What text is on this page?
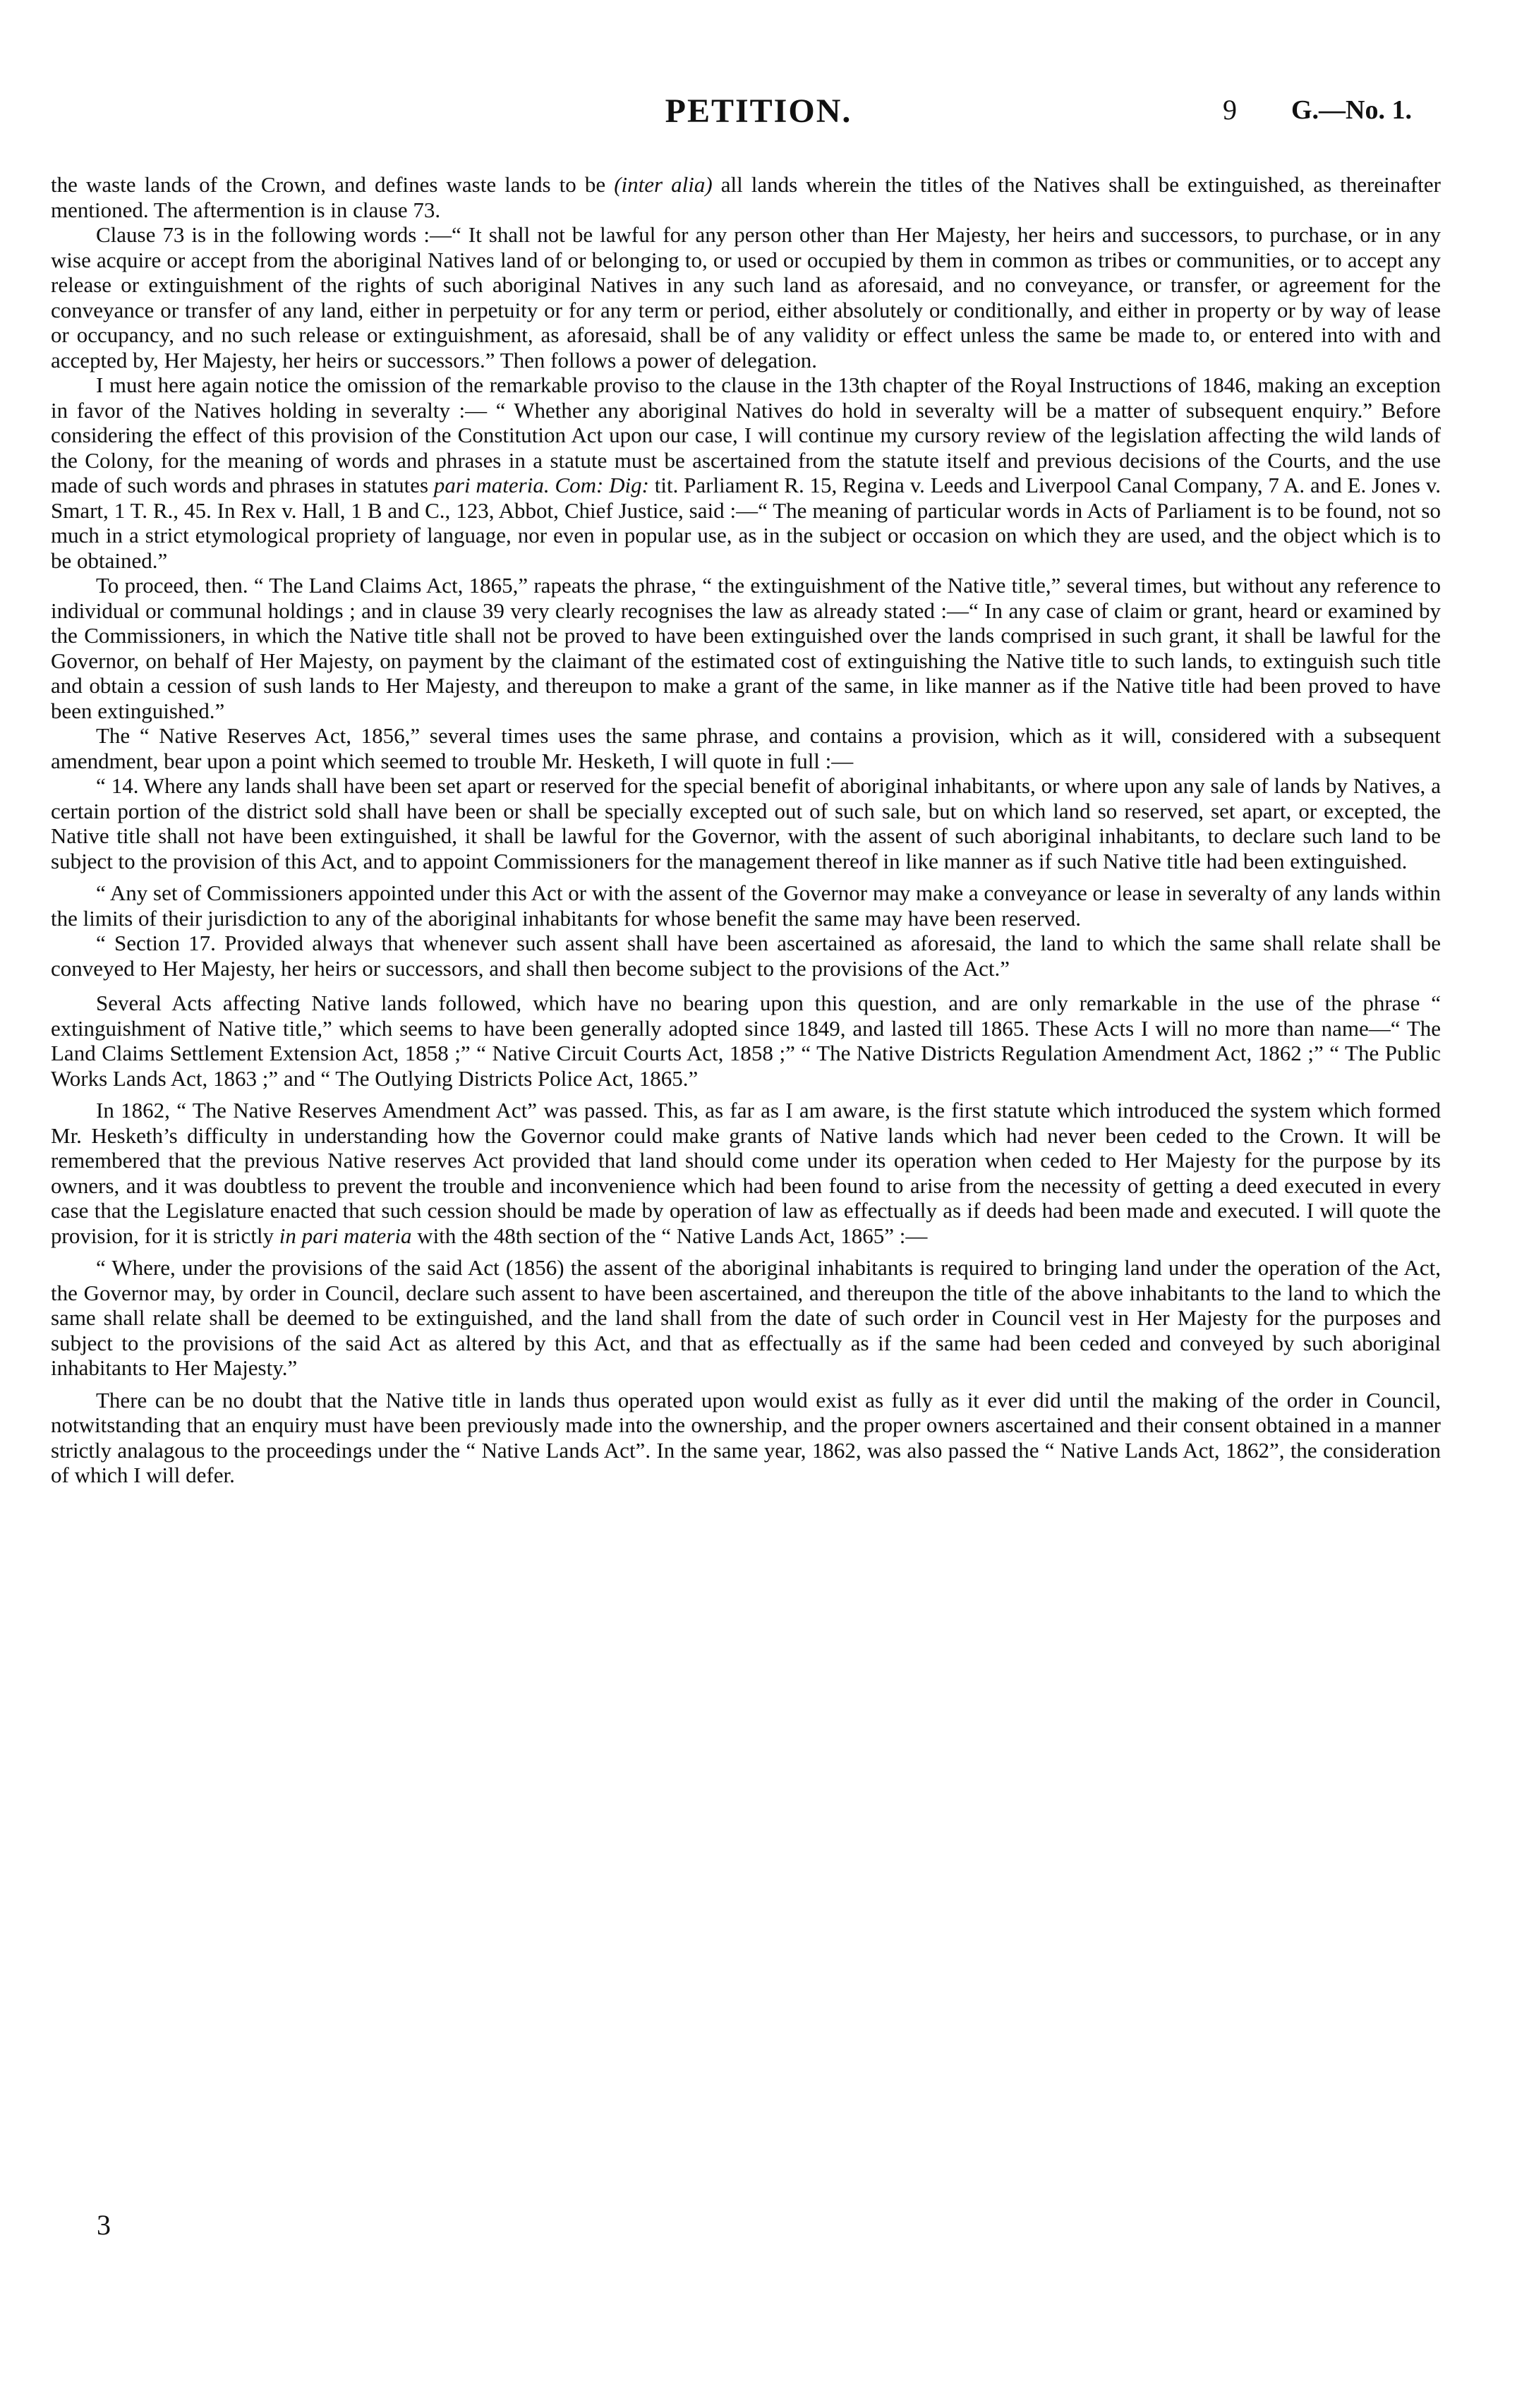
PETITION.	9 G.—No. 1.

the waste lands of the Crown, and defines waste lands to be (inter alia) all lands wherein the titles of the Natives shall be extinguished, as thereinafter mentioned. The aftermention is in clause 73.

Clause 73 is in the following words :—“ It shall not be lawful for any person other than Her Majesty, her heirs and successors, to purchase, or in any wise acquire or accept from the aboriginal Natives land of or belonging to, or used or occupied by them in common as tribes or communities, or to accept any release or extinguishment of the rights of such aboriginal Natives in any such land as aforesaid, and no conveyance, or transfer, or agreement for the conveyance or transfer of any land, either in perpetuity or for any term or period, either absolutely or conditionally, and either in property or by way of lease or occupancy, and no such release or extinguishment, as aforesaid, shall be of any validity or effect unless the same be made to, or entered into with and accepted by, Her Majesty, her heirs or successors.” Then follows a power of delegation.

I must here again notice the omission of the remarkable proviso to the clause in the 13th chapter of the Royal Instructions of 1846, making an exception in favor of the Natives holding in severalty :— “ Whether any aboriginal Natives do hold in severalty will be a matter of subsequent enquiry.” Before considering the effect of this provision of the Constitution Act upon our case, I will continue my cursory review of the legislation affecting the wild lands of the Colony, for the meaning of words and phrases in a statute must be ascertained from the statute itself and previous decisions of the Courts, and the use made of such words and phrases in statutes pari materia. Com: Dig: tit. Parliament R. 15, Regina v. Leeds and Liverpool Canal Company, 7 A. and E. Jones v. Smart, 1 T. R., 45. In Rex v. Hall, 1 B and C., 123, Abbot, Chief Justice, said :—“ The meaning of particular words in Acts of Parliament is to be found, not so much in a strict etymological propriety of language, nor even in popular use, as in the subject or occasion on which they are used, and the object which is to be obtained.”

To proceed, then. “ The Land Claims Act, 1865,” rapeats the phrase, “ the extinguishment of the Native title,” several times, but without any reference to individual or communal holdings ; and in clause 39 very clearly recognises the law as already stated :—“ In any case of claim or grant, heard or examined by the Commissioners, in which the Native title shall not be proved to have been extinguished over the lands comprised in such grant, it shall be lawful for the Governor, on behalf of Her Majesty, on payment by the claimant of the estimated cost of extinguishing the Native title to such lands, to extinguish such title and obtain a cession of sush lands to Her Majesty, and thereupon to make a grant of the same, in like manner as if the Native title had been proved to have been extinguished.”

The “ Native Reserves Act, 1856,” several times uses the same phrase, and contains a provision, which as it will, considered with a subsequent amendment, bear upon a point which seemed to trouble Mr. Hesketh, I will quote in full :—

“ 14. Where any lands shall have been set apart or reserved for the special benefit of aboriginal inhabitants, or where upon any sale of lands by Natives, a certain portion of the district sold shall have been or shall be specially excepted out of such sale, but on which land so reserved, set apart, or excepted, the Native title shall not have been extinguished, it shall be lawful for the Governor, with the assent of such aboriginal inhabitants, to declare such land to be subject to the provision of this Act, and to appoint Commissioners for the management thereof in like manner as if such Native title had been extinguished.

“ Any set of Commissioners appointed under this Act or with the assent of the Governor may make a conveyance or lease in severalty of any lands within the limits of their jurisdiction to any of the aboriginal inhabitants for whose benefit the same may have been reserved.

“ Section 17. Provided always that whenever such assent shall have been ascertained as aforesaid, the land to which the same shall relate shall be conveyed to Her Majesty, her heirs or successors, and shall then become subject to the provisions of the Act.”

Several Acts affecting Native lands followed, which have no bearing upon this question, and are only remarkable in the use of the phrase “ extinguishment of Native title,” which seems to have been generally adopted since 1849, and lasted till 1865. These Acts I will no more than name—“ The Land Claims Settlement Extension Act, 1858 ;” “ Native Circuit Courts Act, 1858 ;” “ The Native Districts Regulation Amendment Act, 1862 ;” “ The Public Works Lands Act, 1863 ;” and “ The Outlying Districts Police Act, 1865.”

In 1862, “ The Native Reserves Amendment Act” was passed. This, as far as I am aware, is the first statute which introduced the system which formed Mr. Hesketh’s difficulty in understanding how the Governor could make grants of Native lands which had never been ceded to the Crown. It will be remembered that the previous Native reserves Act provided that land should come under its operation when ceded to Her Majesty for the purpose by its owners, and it was doubtless to prevent the trouble and inconvenience which had been found to arise from the necessity of getting a deed executed in every case that the Legislature enacted that such cession should be made by operation of law as effectually as if deeds had been made and executed. I will quote the provision, for it is strictly in pari materia with the 48th section of the “ Native Lands Act, 1865” :—

“ Where, under the provisions of the said Act (1856) the assent of the aboriginal inhabitants is required to bringing land under the operation of the Act, the Governor may, by order in Council, declare such assent to have been ascertained, and thereupon the title of the above inhabitants to the land to which the same shall relate shall be deemed to be extinguished, and the land shall from the date of such order in Council vest in Her Majesty for the purposes and subject to the provisions of the said Act as altered by this Act, and that as effectually as if the same had been ceded and conveyed by such aboriginal inhabitants to Her Majesty.”

There can be no doubt that the Native title in lands thus operated upon would exist as fully as it ever did until the making of the order in Council, notwitstanding that an enquiry must have been previously made into the ownership, and the proper owners ascertained and their consent obtained in a manner strictly analagous to the proceedings under the “ Native Lands Act”. In the same year, 1862, was also passed the “ Native Lands Act, 1862”, the consideration of which I will defer.

3
